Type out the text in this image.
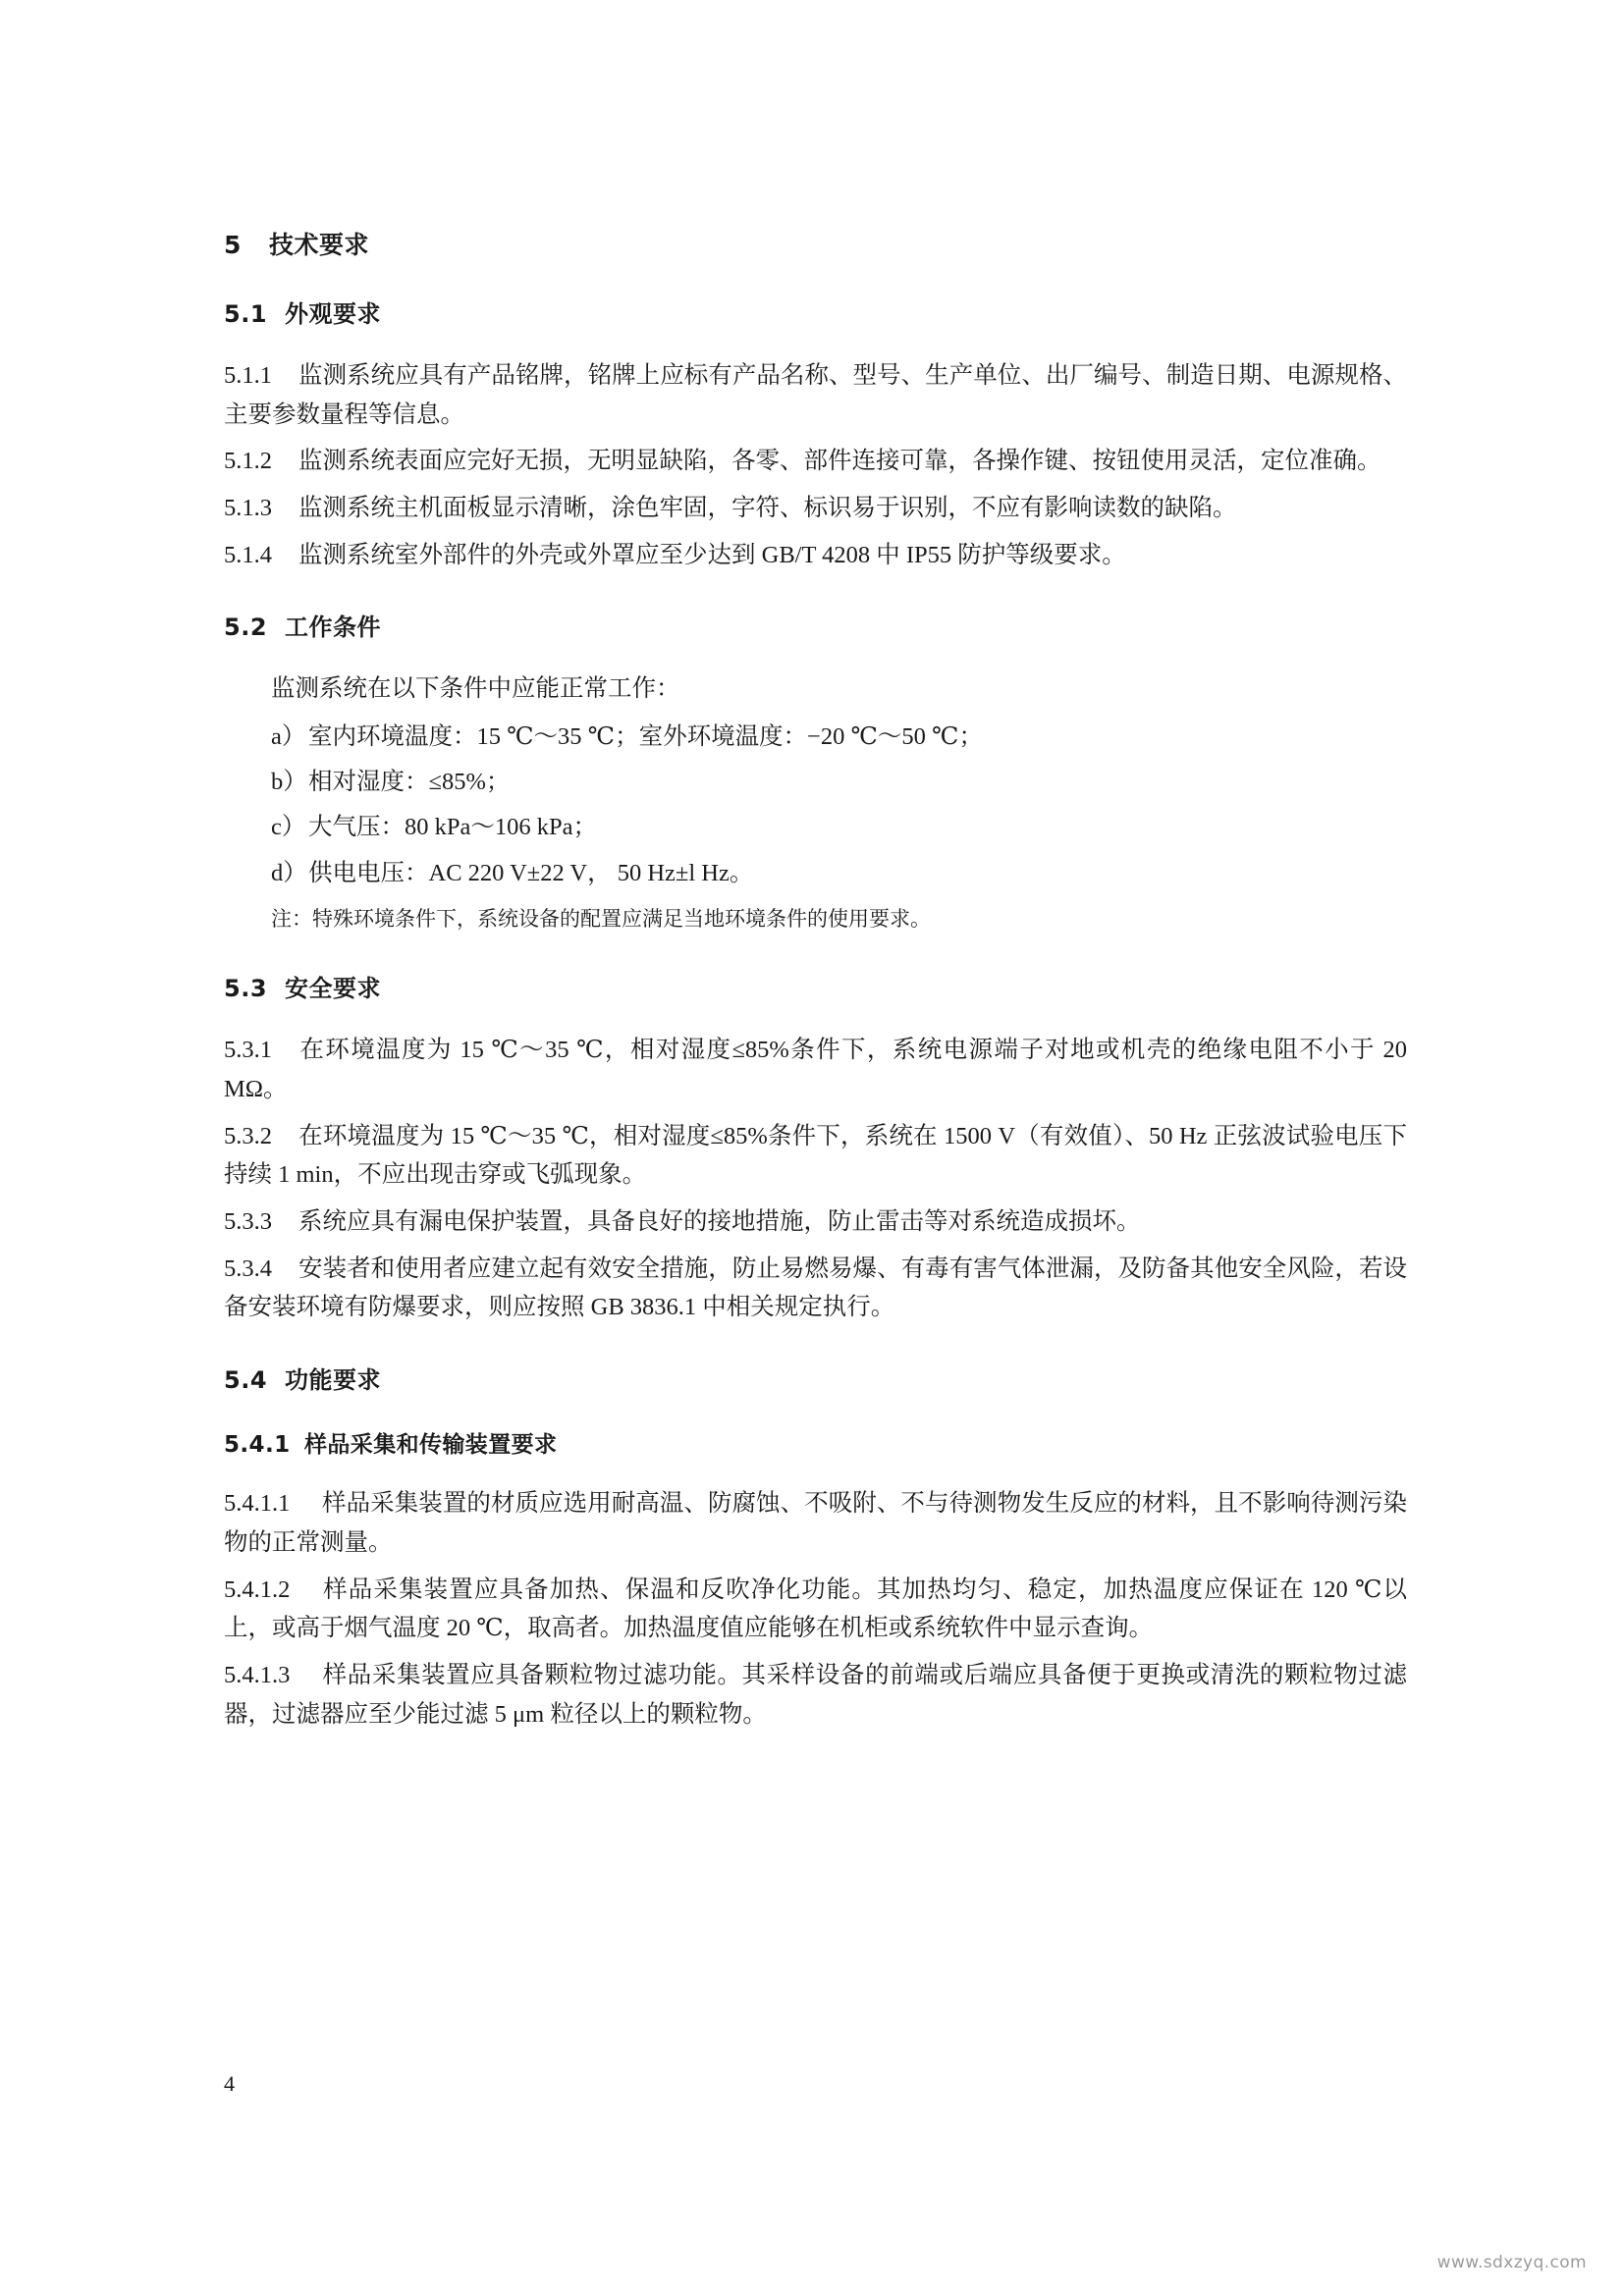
5 技术要求
5.1 外观要求

5.1.1 监测系统应具有产品铭牌，铭牌上应标有产品名称、型号、生产单位、出厂编号、制造日期、电源规格、主要参数量程等信息。

5.1.2 监测系统表面应完好无损，无明显缺陷，各零、部件连接可靠，各操作键、按钮使用灵活，定位准确。

5.1.3 监测系统主机面板显示清晰，涂色牢固，字符、标识易于识别，不应有影响读数的缺陷。

5.1.4 监测系统室外部件的外壳或外罩应至少达到 GB/T 4208 中 IP55 防护等级要求。

5.2 工作条件

监测系统在以下条件中应能正常工作：

a） 室内环境温度：15 ℃～35 ℃；室外环境温度：−20 ℃～50 ℃；
b） 相对湿度：≤85%；
c） 大气压：80 kPa～106 kPa；
d） 供电电压：AC 220 V±22 V， 50 Hz±l Hz。

注：特殊环境条件下，系统设备的配置应满足当地环境条件的使用要求。

5.3 安全要求

5.3.1 在环境温度为 15 ℃～35 ℃，相对湿度≤85%条件下，系统电源端子对地或机壳的绝缘电阻不小于 20 MΩ。

5.3.2 在环境温度为 15 ℃～35 ℃，相对湿度≤85%条件下，系统在 1500 V（有效值）、50 Hz 正弦波试验电压下持续 1 min，不应出现击穿或飞弧现象。

5.3.3 系统应具有漏电保护装置，具备良好的接地措施，防止雷击等对系统造成损坏。

5.3.4 安装者和使用者应建立起有效安全措施，防止易燃易爆、有毒有害气体泄漏，及防备其他安全风险，若设备安装环境有防爆要求，则应按照 GB 3836.1 中相关规定执行。

5.4 功能要求
5.4.1 样品采集和传输装置要求

5.4.1.1 样品采集装置的材质应选用耐高温、防腐蚀、不吸附、不与待测物发生反应的材料，且不影响待测污染物的正常测量。

5.4.1.2 样品采集装置应具备加热、保温和反吹净化功能。其加热均匀、稳定，加热温度应保证在 120 ℃以上，或高于烟气温度 20 ℃，取高者。加热温度值应能够在机柜或系统软件中显示查询。

5.4.1.3 样品采集装置应具备颗粒物过滤功能。其采样设备的前端或后端应具备便于更换或清洗的颗粒物过滤器，过滤器应至少能过滤 5 μm 粒径以上的颗粒物。

4
www.sdxzyq.com
